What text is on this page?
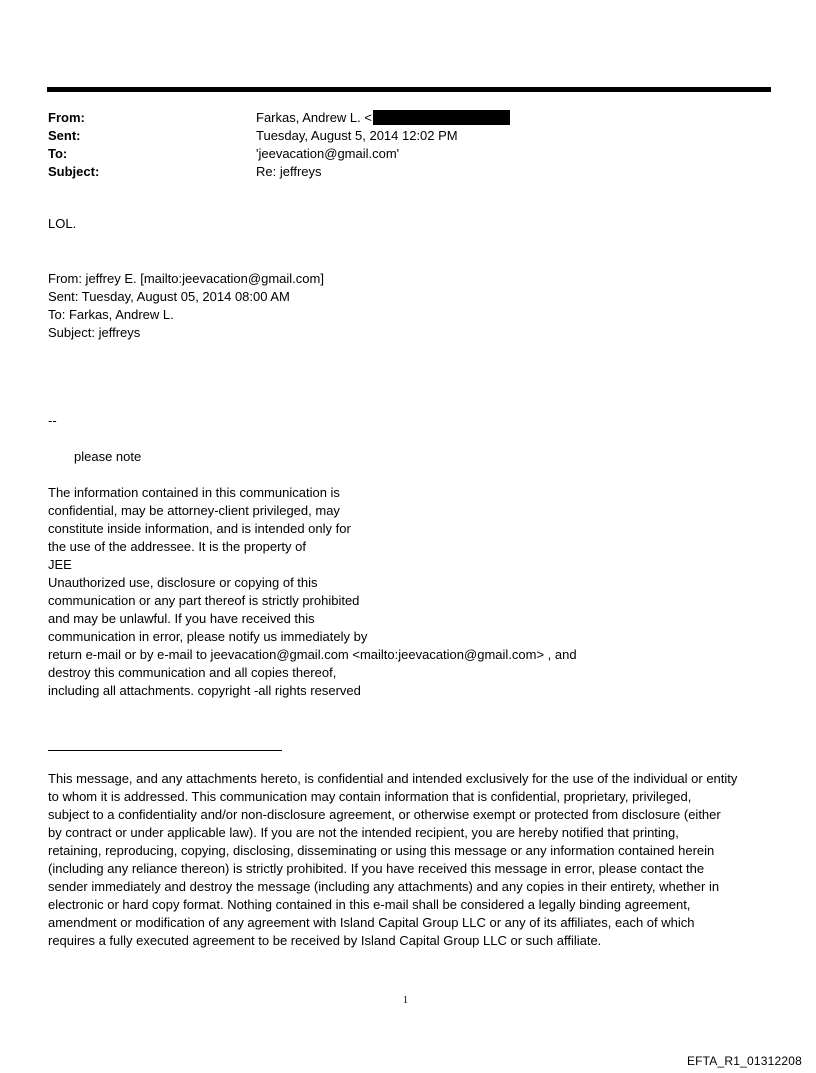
From:	Farkas, Andrew L. <
Sent:	Tuesday, August 5, 2014 12:02 PM
To:	'jeevacation@gmail.com'
Subject:	Re: jeffreys
LOL.
From: jeffrey E. [mailto:jeevacation@gmail.com]
Sent: Tuesday, August 05, 2014 08:00 AM
To: Farkas, Andrew L.
Subject: jeffreys
--
please note
The information contained in this communication is
confidential, may be attorney-client privileged, may
constitute inside information, and is intended only for
the use of the addressee. It is the property of
JEE
Unauthorized use, disclosure or copying of this
communication or any part thereof is strictly prohibited
and may be unlawful. If you have received this
communication in error, please notify us immediately by
return e-mail or by e-mail to jeevacation@gmail.com <mailto:jeevacation@gmail.com> , and
destroy this communication and all copies thereof,
including all attachments. copyright -all rights reserved
This message, and any attachments hereto, is confidential and intended exclusively for the use of the individual or entity
to whom it is addressed. This communication may contain information that is confidential, proprietary, privileged,
subject to a confidentiality and/or non-disclosure agreement, or otherwise exempt or protected from disclosure (either
by contract or under applicable law). If you are not the intended recipient, you are hereby notified that printing,
retaining, reproducing, copying, disclosing, disseminating or using this message or any information contained herein
(including any reliance thereon) is strictly prohibited. If you have received this message in error, please contact the
sender immediately and destroy the message (including any attachments) and any copies in their entirety, whether in
electronic or hard copy format. Nothing contained in this e-mail shall be considered a legally binding agreement,
amendment or modification of any agreement with Island Capital Group LLC or any of its affiliates, each of which
requires a fully executed agreement to be received by Island Capital Group LLC or such affiliate.
1
EFTA_R1_01312208
